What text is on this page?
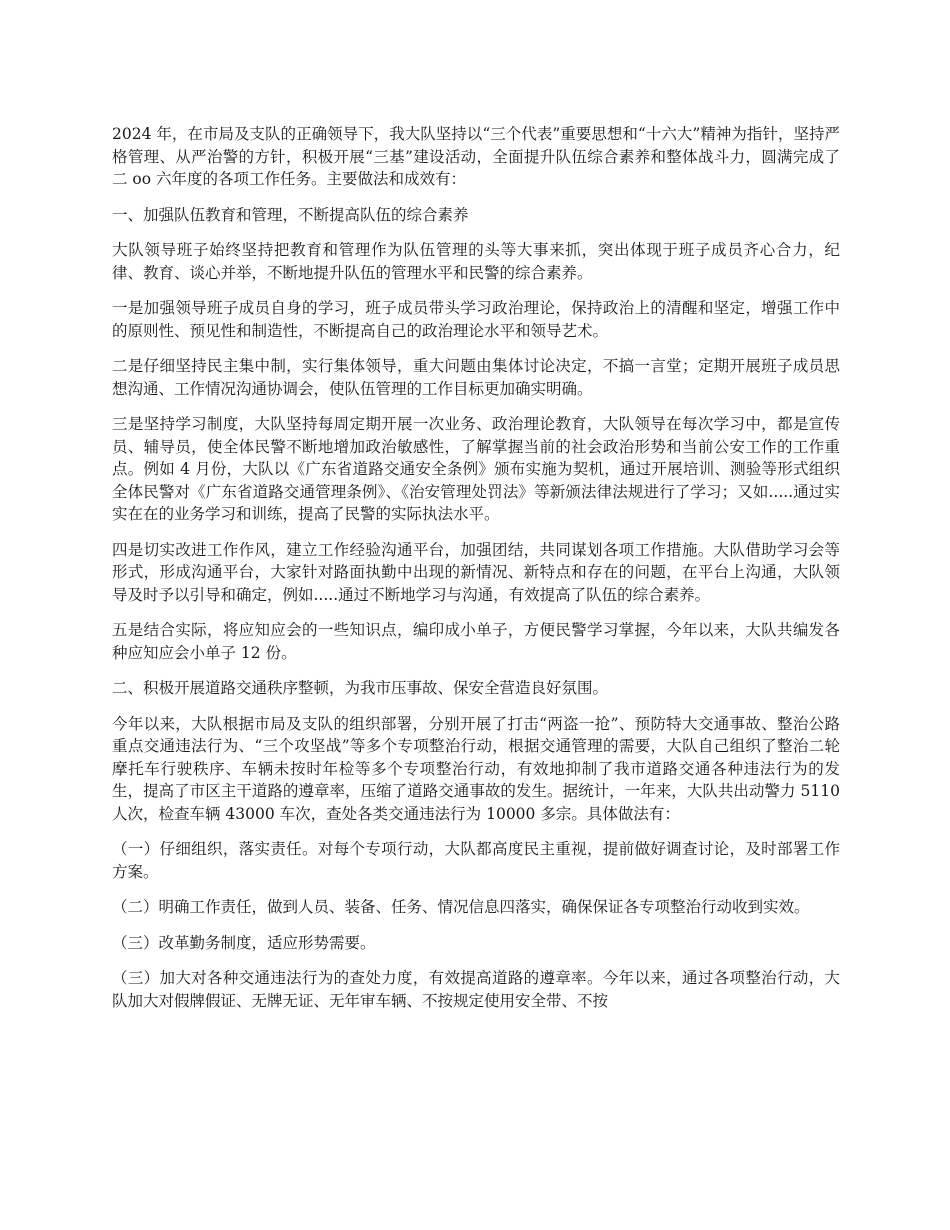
2024 年，在市局及支队的正确领导下，我大队坚持以“三个代表”重要思想和“十六大”精神为指针，坚持严格管理、从严治警的方针，积极开展“三基”建设活动，全面提升队伍综合素养和整体战斗力，圆满完成了二 oo 六年度的各项工作任务。主要做法和成效有：

一、加强队伍教育和管理，不断提高队伍的综合素养

大队领导班子始终坚持把教育和管理作为队伍管理的头等大事来抓，突出体现于班子成员齐心合力，纪律、教育、谈心并举，不断地提升队伍的管理水平和民警的综合素养。

一是加强领导班子成员自身的学习，班子成员带头学习政治理论，保持政治上的清醒和坚定，增强工作中的原则性、预见性和制造性，不断提高自己的政治理论水平和领导艺术。

二是仔细坚持民主集中制，实行集体领导，重大问题由集体讨论决定，不搞一言堂；定期开展班子成员思想沟通、工作情况沟通协调会，使队伍管理的工作目标更加确实明确。

三是坚持学习制度，大队坚持每周定期开展一次业务、政治理论教育，大队领导在每次学习中，都是宣传员、辅导员，使全体民警不断地增加政治敏感性，了解掌握当前的社会政治形势和当前公安工作的工作重点。例如 4 月份，大队以《广东省道路交通安全条例》颁布实施为契机，通过开展培训、测验等形式组织全体民警对《广东省道路交通管理条例》、《治安管理处罚法》等新颁法律法规进行了学习；又如.....通过实实在在的业务学习和训练，提高了民警的实际执法水平。

四是切实改进工作作风，建立工作经验沟通平台，加强团结，共同谋划各项工作措施。大队借助学习会等形式，形成沟通平台，大家针对路面执勤中出现的新情况、新特点和存在的问题，在平台上沟通，大队领导及时予以引导和确定，例如.....通过不断地学习与沟通，有效提高了队伍的综合素养。

五是结合实际，将应知应会的一些知识点，编印成小单子，方便民警学习掌握，今年以来，大队共编发各种应知应会小单子 12 份。

二、积极开展道路交通秩序整顿，为我市压事故、保安全营造良好氛围。

今年以来，大队根据市局及支队的组织部署，分别开展了打击“两盗一抢”、预防特大交通事故、整治公路重点交通违法行为、“三个攻坚战”等多个专项整治行动，根据交通管理的需要，大队自己组织了整治二轮摩托车行驶秩序、车辆未按时年检等多个专项整治行动，有效地抑制了我市道路交通各种违法行为的发生，提高了市区主干道路的遵章率，压缩了道路交通事故的发生。据统计，一年来，大队共出动警力 5110 人次，检查车辆 43000 车次，查处各类交通违法行为 10000 多宗。具体做法有：

（一）仔细组织，落实责任。对每个专项行动，大队都高度民主重视，提前做好调查讨论，及时部署工作方案。

（二）明确工作责任，做到人员、装备、任务、情况信息四落实，确保保证各专项整治行动收到实效。

（三）改革勤务制度，适应形势需要。

（三）加大对各种交通违法行为的查处力度，有效提高道路的遵章率。今年以来，通过各项整治行动，大队加大对假牌假证、无牌无证、无年审车辆、不按规定使用安全带、不按
